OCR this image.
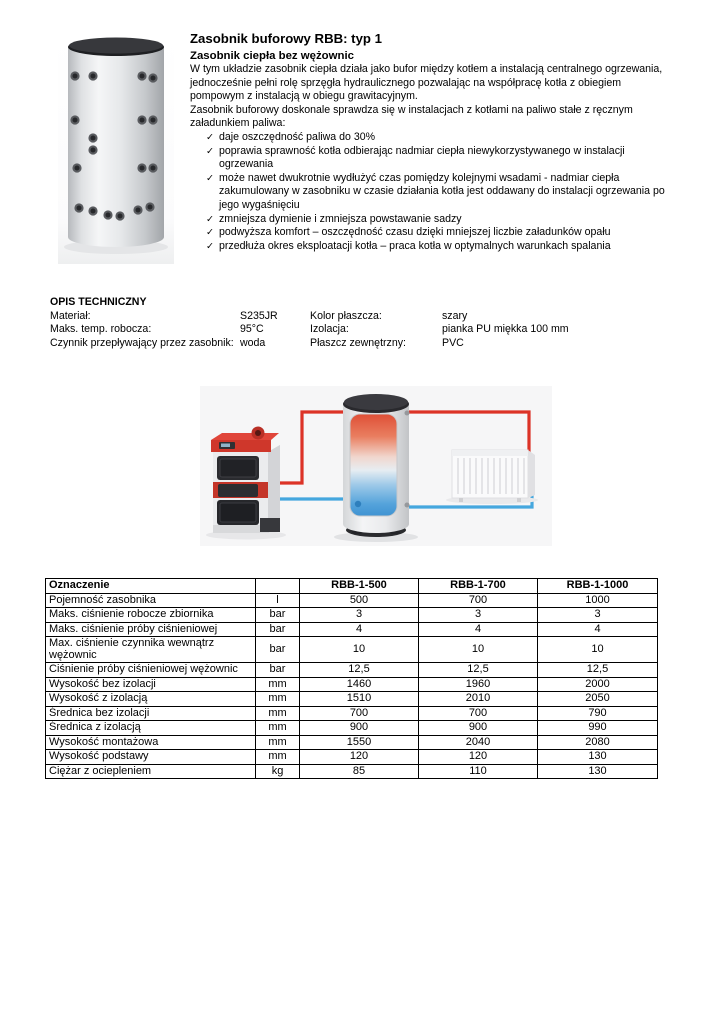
Zasobnik buforowy RBB: typ 1
Zasobnik ciepła bez wężownic
W tym układzie zasobnik ciepła działa jako bufor między kotłem a instalacją centralnego ogrzewania, jednocześnie pełni rolę sprzęgła hydraulicznego pozwalając na współpracę kotła z obiegiem pompowym z instalacją w obiegu grawitacyjnym.
Zasobnik buforowy doskonale sprawdza się w instalacjach z kotłami na paliwo stałe z ręcznym załadunkiem paliwa:
✓ daje oszczędność paliwa do 30%
✓ poprawia sprawność kotła odbierając nadmiar ciepła niewykorzystywanego w instalacji ogrzewania
✓ może nawet dwukrotnie wydłużyć czas pomiędzy kolejnymi wsadami - nadmiar ciepła zakumulowany w zasobniku w czasie działania kotła jest oddawany do instalacji ogrzewania po jego wygaśnięciu
✓ zmniejsza dymienie i zmniejsza powstawanie sadzy
✓ podwyższa komfort – oszczędność czasu dzięki mniejszej liczbie załadunków opału
✓ przedłuża okres eksploatacji kotła – praca kotła w optymalnych warunkach spalania
OPIS TECHNICZNY
Materiał:	S235JR	Kolor płaszcza:	szary
Maks. temp. robocza:	95°C	Izolacja:	pianka PU miękka 100 mm
Czynnik przepływający przez zasobnik: woda	Płaszcz zewnętrzny:	PVC
Oznaczenie		RBB-1-500	RBB-1-700	RBB-1-1000
Pojemność zasobnika	l	500	700	1000
Maks. ciśnienie robocze zbiornika	bar	3	3	3
Maks. ciśnienie próby ciśnieniowej	bar	4	4	4
Max. ciśnienie czynnika wewnątrz wężownic	bar	10	10	10
Ciśnienie próby ciśnieniowej wężownic	bar	12,5	12,5	12,5
Wysokość bez izolacji	mm	1460	1960	2000
Wysokość z izolacją	mm	1510	2010	2050
Średnica bez izolacji	mm	700	700	790
Średnica z izolacją	mm	900	900	990
Wysokość montażowa	mm	1550	2040	2080
Wysokość podstawy	mm	120	120	130
Ciężar z ociepleniem	kg	85	110	130
